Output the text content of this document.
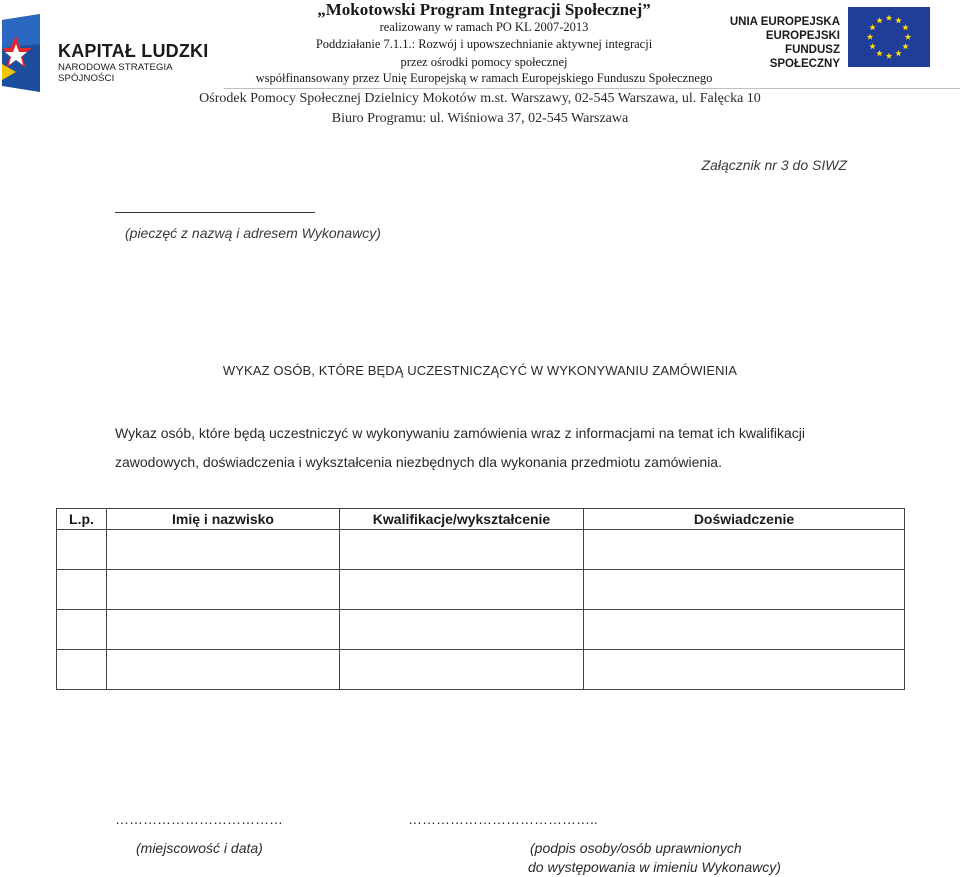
KAPITAŁ LUDZKI
NARODOWA STRATEGIA SPÓJNOŚCI
„Mokotowski Program Integracji Społecznej”
realizowany w ramach PO KL 2007-2013
Poddziałanie 7.1.1.: Rozwój i upowszechnianie aktywnej integracji
przez ośrodki pomocy społecznej
współfinansowany przez Unię Europejską w ramach Europejskiego Funduszu Społecznego
UNIA EUROPEJSKA
EUROPEJSKI
FUNDUSZ SPOŁECZNY
Ośrodek Pomocy Społecznej Dzielnicy Mokotów m.st. Warszawy, 02-545 Warszawa, ul. Falęcka 10
Biuro Programu: ul. Wiśniowa 37, 02-545 Warszawa
Załącznik nr 3 do SIWZ
(pieczęć z nazwą i adresem Wykonawcy)
WYKAZ OSÓB, KTÓRE BĘDĄ UCZESTNICZĄCYĆ W WYKONYWANIU ZAMÓWIENIA
Wykaz osób, które będą uczestniczyć w wykonywaniu zamówienia wraz z informacjami na temat ich kwalifikacji zawodowych, doświadczenia i wykształcenia niezbędnych dla wykonania przedmiotu zamówienia.
L.p.	Imię i nazwisko	Kwalifikacje/wykształcenie	Doświadczenie

………………………………	…………………………………..
(miejscowość i data)	(podpis osoby/osób uprawnionych
do występowania w imieniu Wykonawcy)
